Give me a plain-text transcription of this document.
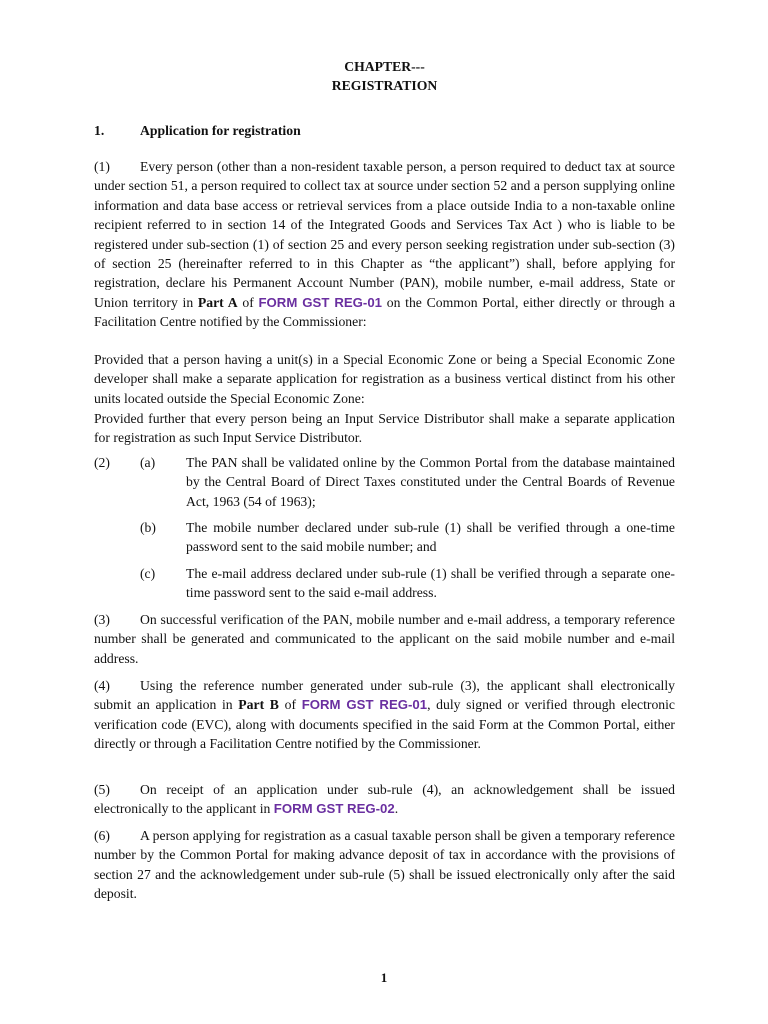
CHAPTER---
REGISTRATION
1.	Application for registration
(1) Every person (other than a non-resident taxable person, a person required to deduct tax at source under section 51, a person required to collect tax at source under section 52 and a person supplying online information and data base access or retrieval services from a place outside India to a non-taxable online recipient referred to in section 14 of the Integrated Goods and Services Tax Act ) who is liable to be registered under sub-section (1) of section 25 and every person seeking registration under sub-section (3) of section 25 (hereinafter referred to in this Chapter as “the applicant”) shall, before applying for registration, declare his Permanent Account Number (PAN), mobile number, e-mail address, State or Union territory in Part A of FORM GST REG-01 on the Common Portal, either directly or through a Facilitation Centre notified by the Commissioner:
Provided that a person having a unit(s) in a Special Economic Zone or being a Special Economic Zone developer shall make a separate application for registration as a business vertical distinct from his other units located outside the Special Economic Zone:
Provided further that every person being an Input Service Distributor shall make a separate application for registration as such Input Service Distributor.
(2) (a) The PAN shall be validated online by the Common Portal from the database maintained by the Central Board of Direct Taxes constituted under the Central Boards of Revenue Act, 1963 (54 of 1963);
(b) The mobile number declared under sub-rule (1) shall be verified through a one-time password sent to the said mobile number; and
(c) The e-mail address declared under sub-rule (1) shall be verified through a separate one-time password sent to the said e-mail address.
(3) On successful verification of the PAN, mobile number and e-mail address, a temporary reference number shall be generated and communicated to the applicant on the said mobile number and e-mail address.
(4) Using the reference number generated under sub-rule (3), the applicant shall electronically submit an application in Part B of FORM GST REG-01, duly signed or verified through electronic verification code (EVC), along with documents specified in the said Form at the Common Portal, either directly or through a Facilitation Centre notified by the Commissioner.
(5) On receipt of an application under sub-rule (4), an acknowledgement shall be issued electronically to the applicant in FORM GST REG-02.
(6) A person applying for registration as a casual taxable person shall be given a temporary reference number by the Common Portal for making advance deposit of tax in accordance with the provisions of section 27 and the acknowledgement under sub-rule (5) shall be issued electronically only after the said deposit.
1
